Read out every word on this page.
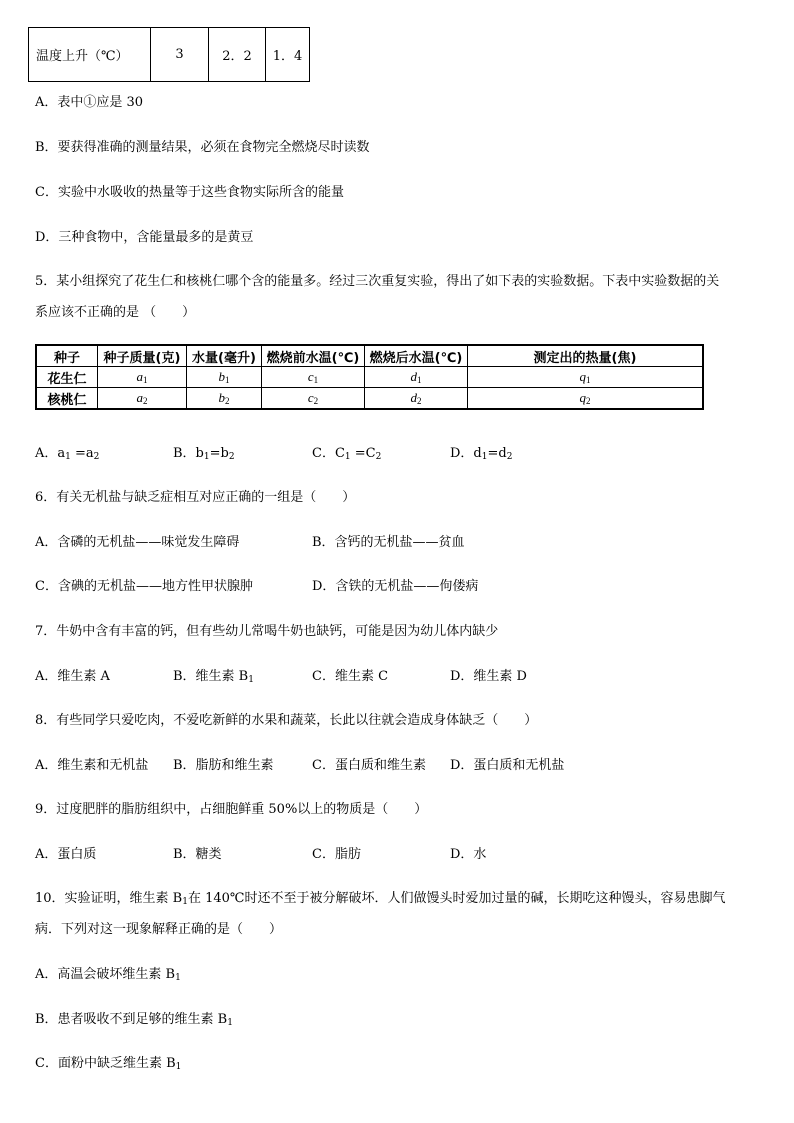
温度上升（℃）	3	2．2	1．4
A．表中①应是 30
B．要获得准确的测量结果，必须在食物完全燃烧尽时读数
C．实验中水吸收的热量等于这些食物实际所含的能量
D．三种食物中，含能量最多的是黄豆
5．某小组探究了花生仁和核桃仁哪个含的能量多。经过三次重复实验，得出了如下表的实验数据。下表中实验数据的关
系应该不正确的是 （　　）
种子	种子质量(克)	水量(毫升)	燃烧前水温(℃)	燃烧后水温(℃)	测定出的热量(焦)
花生仁	$a_1$	$b_1$	$c_1$	$d_1$	$q_1$
核桃仁	$a_2$	$b_2$	$c_2$	$d_2$	$q_2$
A．$a_1 =a_2$	B．$b_1=b_2$	C．$C_1 =C_2$	D．$d_1=d_2$
6．有关无机盐与缺乏症相互对应正确的一组是（　　）
A．含磷的无机盐——味觉发生障碍	B．含钙的无机盐——贫血
C．含碘的无机盐——地方性甲状腺肿	D．含铁的无机盐——佝偻病
7．牛奶中含有丰富的钙，但有些幼儿常喝牛奶也缺钙，可能是因为幼儿体内缺少
A．维生素 A	B．维生素 $B_1$	C．维生素 C	D．维生素 D
8．有些同学只爱吃肉，不爱吃新鲜的水果和蔬菜，长此以往就会造成身体缺乏（　　）
A．维生素和无机盐 B．脂肪和维生素	C．蛋白质和维生素 D．蛋白质和无机盐
9．过度肥胖的脂肪组织中，占细胞鲜重 50%以上的物质是（　　）
A．蛋白质	B．糖类	C．脂肪	D．水
10．实验证明，维生素 $B_1$在 140℃时还不至于被分解破坏．人们做馒头时爱加过量的碱，长期吃这种馒头，容易患脚气
病．下列对这一现象解释正确的是（　　）
A．高温会破坏维生素 $B_1$
B．患者吸收不到足够的维生素 $B_1$
C．面粉中缺乏维生素 $B_1$
